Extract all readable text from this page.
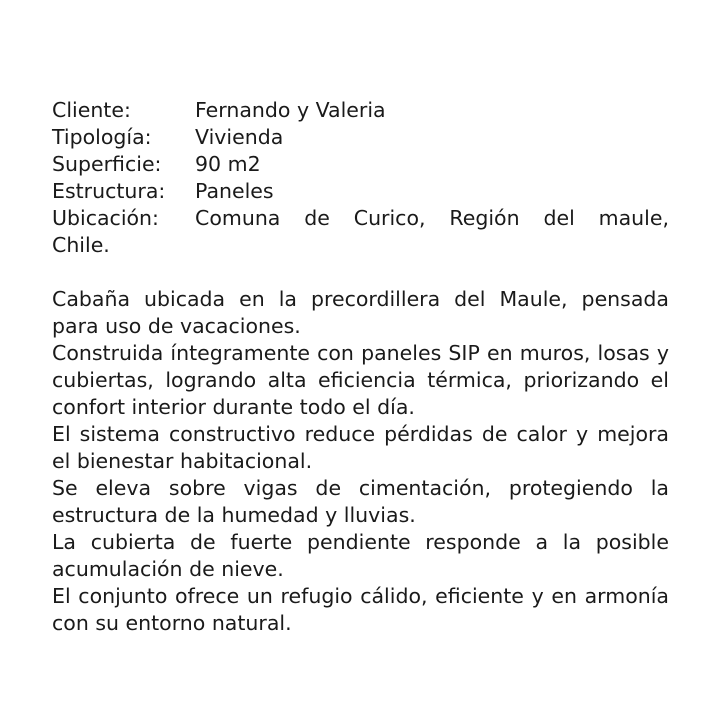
Cliente:	Fernando y Valeria
Tipología:	Vivienda
Superficie:	90 m2
Estructura:	Paneles
Ubicación:	Comuna de Curico, Región del maule,
Chile.

Cabaña ubicada en la precordillera del Maule, pensada para uso de vacaciones.

Construida íntegramente con paneles SIP en muros, losas y cubiertas, logrando alta eficiencia térmica, priorizando el confort interior durante todo el día.

El sistema constructivo reduce pérdidas de calor y mejora el bienestar habitacional.

Se eleva sobre vigas de cimentación, protegiendo la estructura de la humedad y lluvias.

La cubierta de fuerte pendiente responde a la posible acumulación de nieve.

El conjunto ofrece un refugio cálido, eficiente y en armonía con su entorno natural.
